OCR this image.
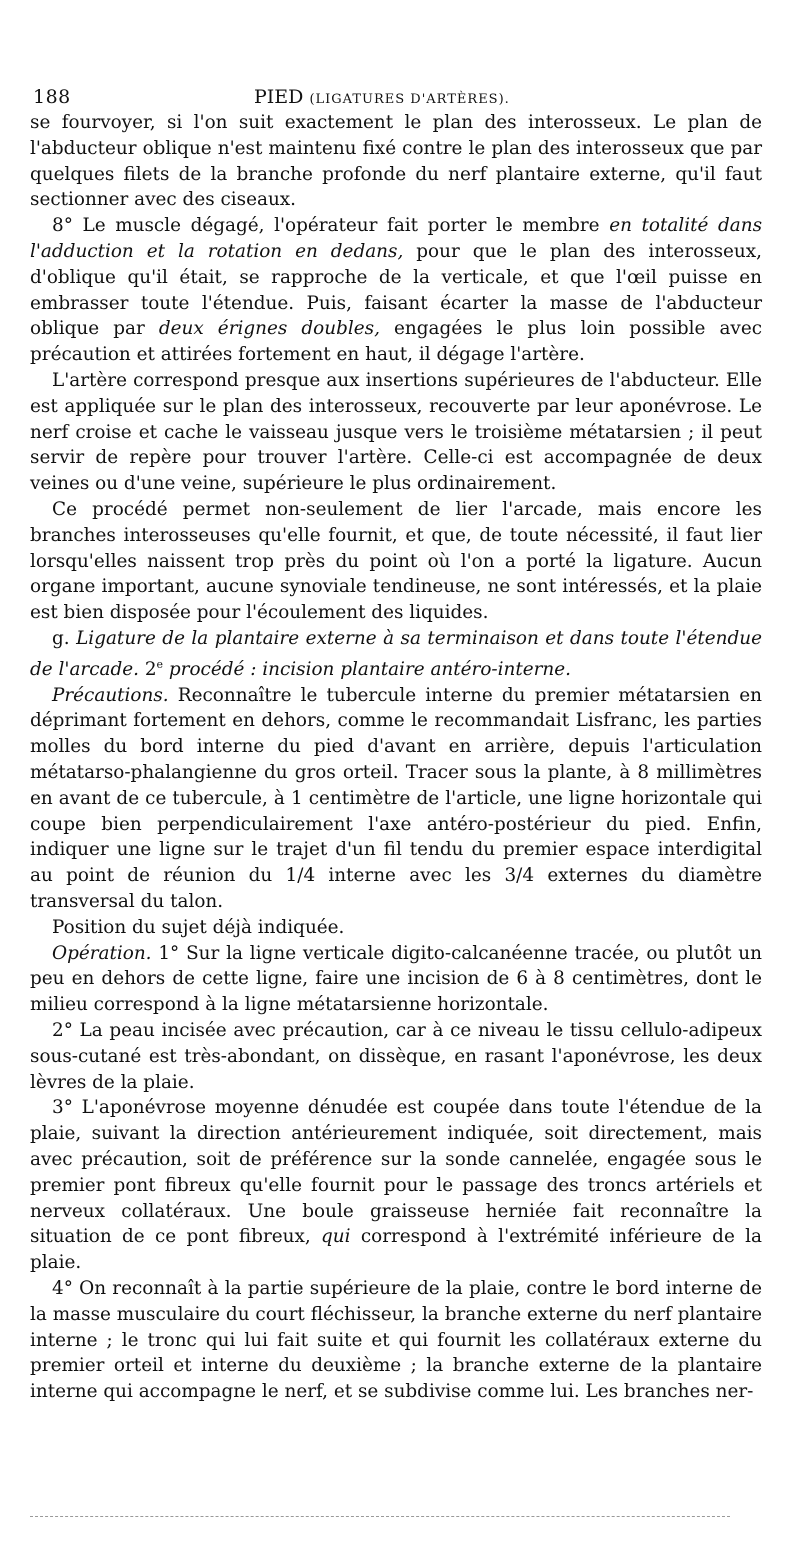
188	PIED (LIGATURES D'ARTÈRES).

se fourvoyer, si l'on suit exactement le plan des interosseux. Le plan de l'abducteur oblique n'est maintenu fixé contre le plan des interosseux que par quelques filets de la branche profonde du nerf plantaire externe, qu'il faut sectionner avec des ciseaux.

8° Le muscle dégagé, l'opérateur fait porter le membre en totalité dans l'adduction et la rotation en dedans, pour que le plan des interosseux, d'oblique qu'il était, se rapproche de la verticale, et que l'œil puisse en embrasser toute l'étendue. Puis, faisant écarter la masse de l'abducteur oblique par deux érignes doubles, engagées le plus loin possible avec précaution et attirées fortement en haut, il dégage l'artère.

L'artère correspond presque aux insertions supérieures de l'abducteur. Elle est appliquée sur le plan des interosseux, recouverte par leur aponévrose. Le nerf croise et cache le vaisseau jusque vers le troisième métatarsien ; il peut servir de repère pour trouver l'artère. Celle-ci est accompagnée de deux veines ou d'une veine, supérieure le plus ordinairement.

Ce procédé permet non-seulement de lier l'arcade, mais encore les branches interosseuses qu'elle fournit, et que, de toute nécessité, il faut lier lorsqu'elles naissent trop près du point où l'on a porté la ligature. Aucun organe important, aucune synoviale tendineuse, ne sont intéressés, et la plaie est bien disposée pour l'écoulement des liquides.

g. Ligature de la plantaire externe à sa terminaison et dans toute l'étendue de l'arcade. 2e procédé : incision plantaire antéro-interne.

Précautions. Reconnaître le tubercule interne du premier métatarsien en déprimant fortement en dehors, comme le recommandait Lisfranc, les parties molles du bord interne du pied d'avant en arrière, depuis l'articulation métatarso-phalangienne du gros orteil. Tracer sous la plante, à 8 millimètres en avant de ce tubercule, à 1 centimètre de l'article, une ligne horizontale qui coupe bien perpendiculairement l'axe antéro-postérieur du pied. Enfin, indiquer une ligne sur le trajet d'un fil tendu du premier espace interdigital au point de réunion du 1/4 interne avec les 3/4 externes du diamètre transversal du talon.

Position du sujet déjà indiquée.

Opération. 1° Sur la ligne verticale digito-calcanéenne tracée, ou plutôt un peu en dehors de cette ligne, faire une incision de 6 à 8 centimètres, dont le milieu correspond à la ligne métatarsienne horizontale.

2° La peau incisée avec précaution, car à ce niveau le tissu cellulo-adipeux sous-cutané est très-abondant, on dissèque, en rasant l'aponévrose, les deux lèvres de la plaie.

3° L'aponévrose moyenne dénudée est coupée dans toute l'étendue de la plaie, suivant la direction antérieurement indiquée, soit directement, mais avec précaution, soit de préférence sur la sonde cannelée, engagée sous le premier pont fibreux qu'elle fournit pour le passage des troncs artériels et nerveux collatéraux. Une boule graisseuse herniée fait reconnaître la situation de ce pont fibreux, qui correspond à l'extrémité inférieure de la plaie.

4° On reconnaît à la partie supérieure de la plaie, contre le bord interne de la masse musculaire du court fléchisseur, la branche externe du nerf plantaire interne ; le tronc qui lui fait suite et qui fournit les collatéraux externe du premier orteil et interne du deuxième ; la branche externe de la plantaire interne qui accompagne le nerf, et se subdivise comme lui. Les branches ner-
